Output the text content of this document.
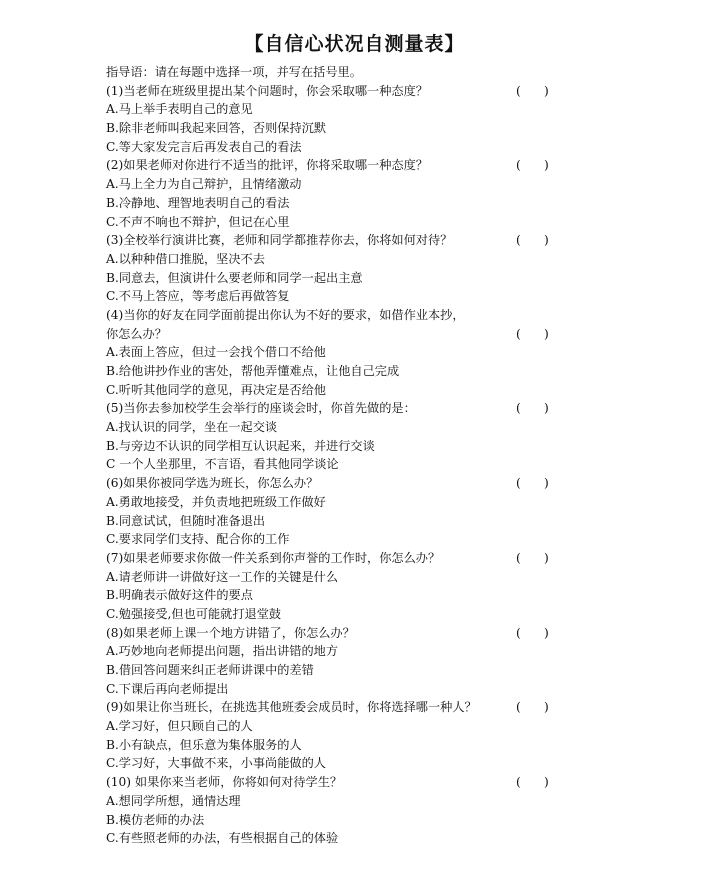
【自信心状况自测量表】
指导语：请在每题中选择一项，并写在括号里。
(1)当老师在班级里提出某个问题时，你会采取哪一种态度？	(      )
A.马上举手表明自己的意见
B.除非老师叫我起来回答，否则保持沉默
C.等大家发完言后再发表自己的看法
(2)如果老师对你进行不适当的批评，你将采取哪一种态度？	(      )
A.马上全力为自己辩护，且情绪激动
B.冷静地、理智地表明自己的看法
C.不声不响也不辩护，但记在心里
(3)全校举行演讲比赛，老师和同学都推荐你去，你将如何对待？	(      )
A.以种种借口推脱，坚决不去
B.同意去，但演讲什么要老师和同学一起出主意
C.不马上答应，等考虑后再做答复
(4)当你的好友在同学面前提出你认为不好的要求，如借作业本抄，
你怎么办？	(      )
A.表面上答应，但过一会找个借口不给他
B.给他讲抄作业的害处，帮他弄懂难点，让他自己完成
C.听听其他同学的意见，再决定是否给他
(5)当你去参加校学生会举行的座谈会时，你首先做的是：	(      )
A.找认识的同学，坐在一起交谈
B.与旁边不认识的同学相互认识起来，并进行交谈
C 一个人坐那里，不言语，看其他同学谈论
(6)如果你被同学选为班长，你怎么办？	(      )
A.勇敢地接受，并负责地把班级工作做好
B.同意试试，但随时准备退出
C.要求同学们支持、配合你的工作
(7)如果老师要求你做一件关系到你声誉的工作时，你怎么办？	(      )
A.请老师讲一讲做好这一工作的关键是什么
B.明确表示做好这件的要点
C.勉强接受,但也可能就打退堂鼓
(8)如果老师上课一个地方讲错了，你怎么办？	(      )
A.巧妙地向老师提出问题，指出讲错的地方
B.借回答问题来纠正老师讲课中的差错
C.下课后再向老师提出
(9)如果让你当班长，在挑选其他班委会成员时，你将选择哪一种人？	(      )
A.学习好，但只顾自己的人
B.小有缺点，但乐意为集体服务的人
C.学习好，大事做不来，小事尚能做的人
(10) 如果你来当老师，你将如何对待学生？	(      )
A.想同学所想，通情达理
B.模仿老师的办法
C.有些照老师的办法，有些根据自己的体验
